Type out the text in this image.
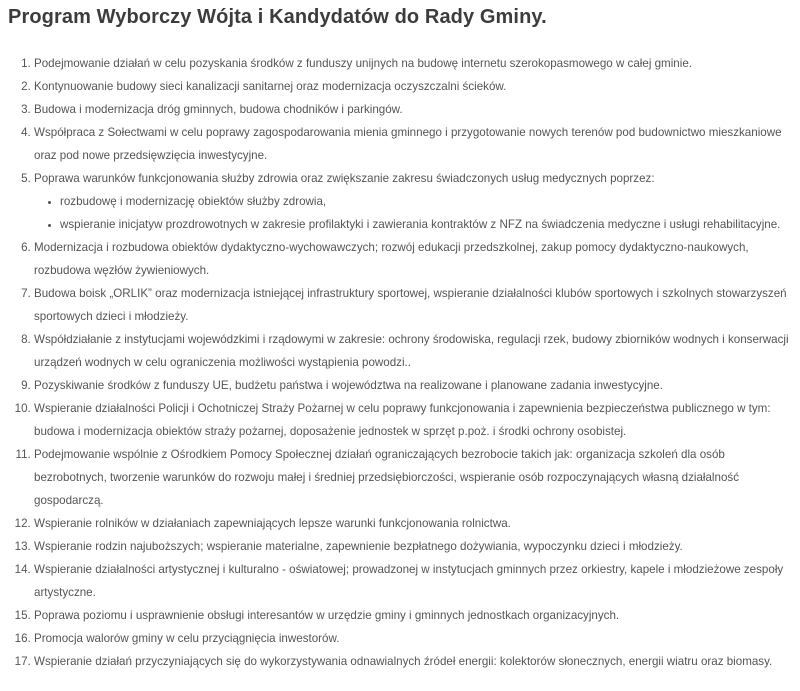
Program Wyborczy Wójta i Kandydatów do Rady Gminy.
1. Podejmowanie działań w celu pozyskania środków z funduszy unijnych na budowę internetu szerokopasmowego w całej gminie.
2. Kontynuowanie budowy sieci kanalizacji sanitarnej oraz modernizacja oczyszczalni ścieków.
3. Budowa i modernizacja dróg gminnych, budowa chodników i parkingów.
4. Współpraca z Sołectwami w celu poprawy zagospodarowania mienia gminnego i przygotowanie nowych terenów pod budownictwo mieszkaniowe oraz pod nowe przedsięwzięcia inwestycyjne.
5. Poprawa warunków funkcjonowania służby zdrowia oraz zwiększanie zakresu świadczonych usług medycznych poprzez:
• rozbudowę i modernizację obiektów służby zdrowia,
• wspieranie inicjatyw prozdrowotnych w zakresie profilaktyki i zawierania kontraktów z NFZ na świadczenia medyczne i usługi rehabilitacyjne.
6. Modernizacja i rozbudowa obiektów dydaktyczno-wychowawczych; rozwój edukacji przedszkolnej, zakup pomocy dydaktyczno-naukowych, rozbudowa węzłów żywieniowych.
7. Budowa boisk „ORLIK” oraz modernizacja istniejącej infrastruktury sportowej, wspieranie działalności klubów sportowych i szkolnych stowarzyszeń sportowych dzieci i młodzieży.
8. Współdziałanie z instytucjami wojewódzkimi i rządowymi w zakresie: ochrony środowiska, regulacji rzek, budowy zbiorników wodnych i konserwacji urządzeń wodnych w celu ograniczenia możliwości wystąpienia powodzi..
9. Pozyskiwanie środków z funduszy UE, budżetu państwa i województwa na realizowane i planowane zadania inwestycyjne.
10. Wspieranie działalności Policji i Ochotniczej Straży Pożarnej w celu poprawy funkcjonowania i zapewnienia bezpieczeństwa publicznego w tym: budowa i modernizacja obiektów straży pożarnej, doposażenie jednostek w sprzęt p.poż. i środki ochrony osobistej.
11. Podejmowanie wspólnie z Ośrodkiem Pomocy Społecznej działań ograniczających bezrobocie takich jak: organizacja szkoleń dla osób bezrobotnych, tworzenie warunków do rozwoju małej i średniej przedsiębiorczości, wspieranie osób rozpoczynających własną działalność gospodarczą.
12. Wspieranie rolników w działaniach zapewniających lepsze warunki funkcjonowania rolnictwa.
13. Wspieranie rodzin najuboższych; wspieranie materialne, zapewnienie bezpłatnego dożywiania, wypoczynku dzieci i młodzieży.
14. Wspieranie działalności artystycznej i kulturalno - oświatowej; prowadzonej w instytucjach gminnych przez orkiestry, kapele i młodzieżowe zespoły artystyczne.
15. Poprawa poziomu i usprawnienie obsługi interesantów w urzędzie gminy i gminnych jednostkach organizacyjnych.
16. Promocja walorów gminy w celu przyciągnięcia inwestorów.
17. Wspieranie działań przyczyniających się do wykorzystywania odnawialnych źródeł energii: kolektorów słonecznych, energii wiatru oraz biomasy.
